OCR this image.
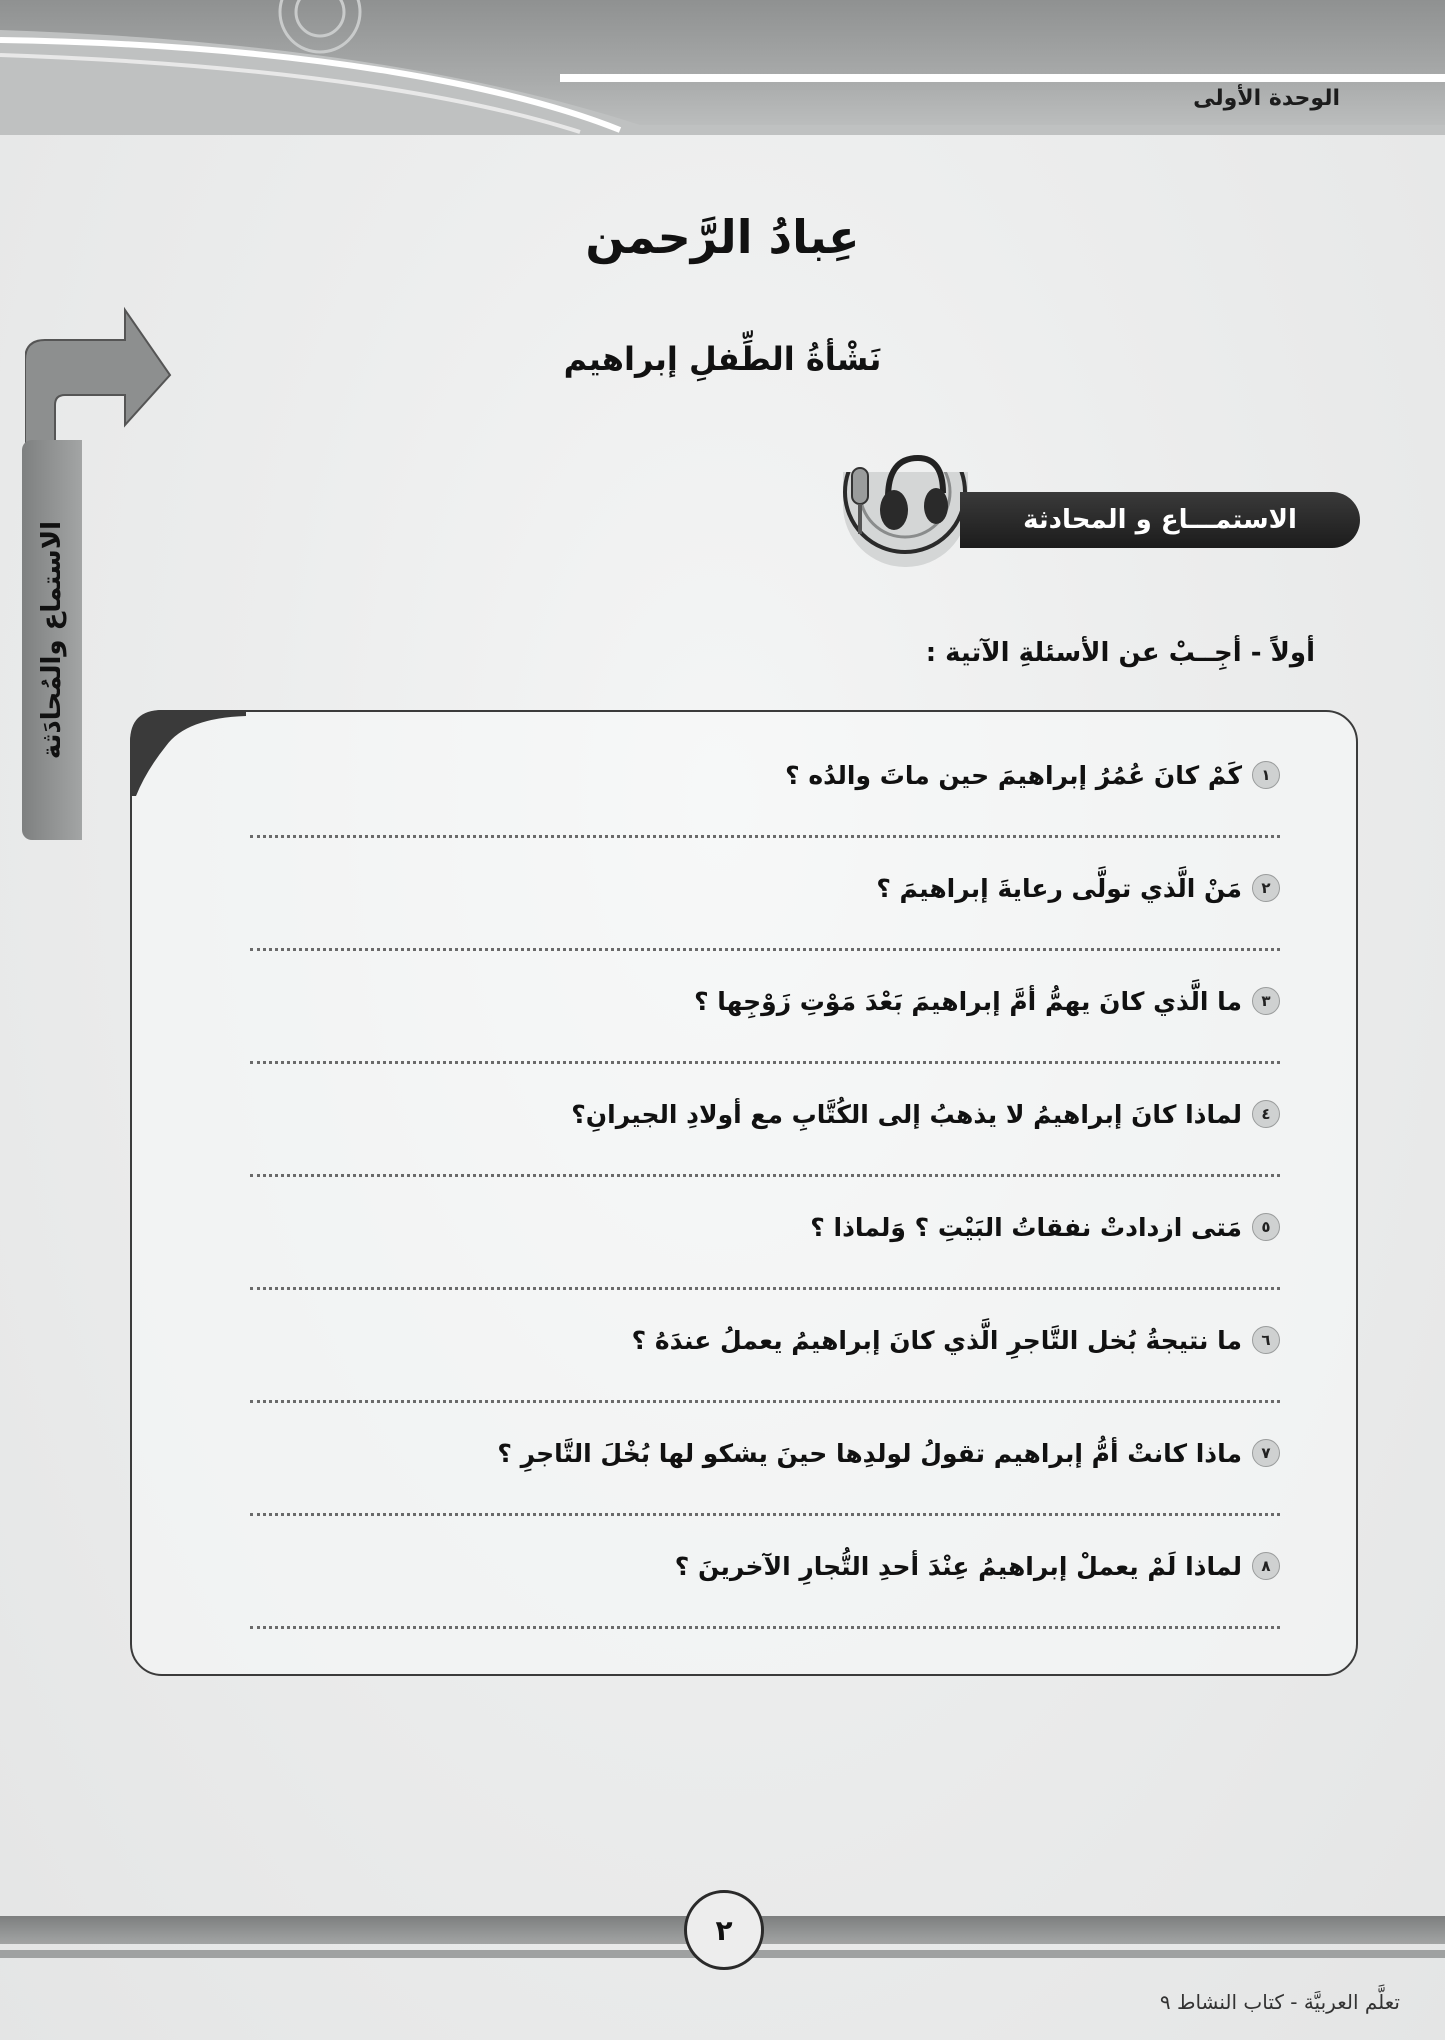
الوحدة الأولى
عِبادُ الرَّحمن
نَشْأةُ الطِّفلِ إبراهيم
الاستماع والمُحادَثة
الاستمـــاع و المحادثة
أولاً - أجِــبْ عن الأسئلةِ الآتية :
١
كَمْ كانَ عُمُرُ إبراهيمَ حين ماتَ والدُه ؟
٢
مَنْ الَّذي تولَّى رعايةَ إبراهيمَ ؟
٣
ما الَّذي كانَ يهمُّ أمَّ إبراهيمَ بَعْدَ مَوْتِ زَوْجِها ؟
٤
لماذا كانَ إبراهيمُ لا يذهبُ إلى الكُتَّابِ مع أولادِ الجيرانِ؟
٥
مَتى ازدادتْ نفقاتُ البَيْتِ ؟ وَلماذا ؟
٦
ما نتيجةُ بُخل التَّاجرِ الَّذي كانَ إبراهيمُ يعملُ عندَهُ ؟
٧
ماذا كانتْ أمُّ إبراهيم تقولُ لولدِها حينَ يشكو لها بُخْلَ التَّاجرِ ؟
٨
لماذا لَمْ يعملْ إبراهيمُ عِنْدَ أحدِ التُّجارِ الآخرينَ ؟
٢
تعلَّم العربيَّة - كتاب النشاط ٩
